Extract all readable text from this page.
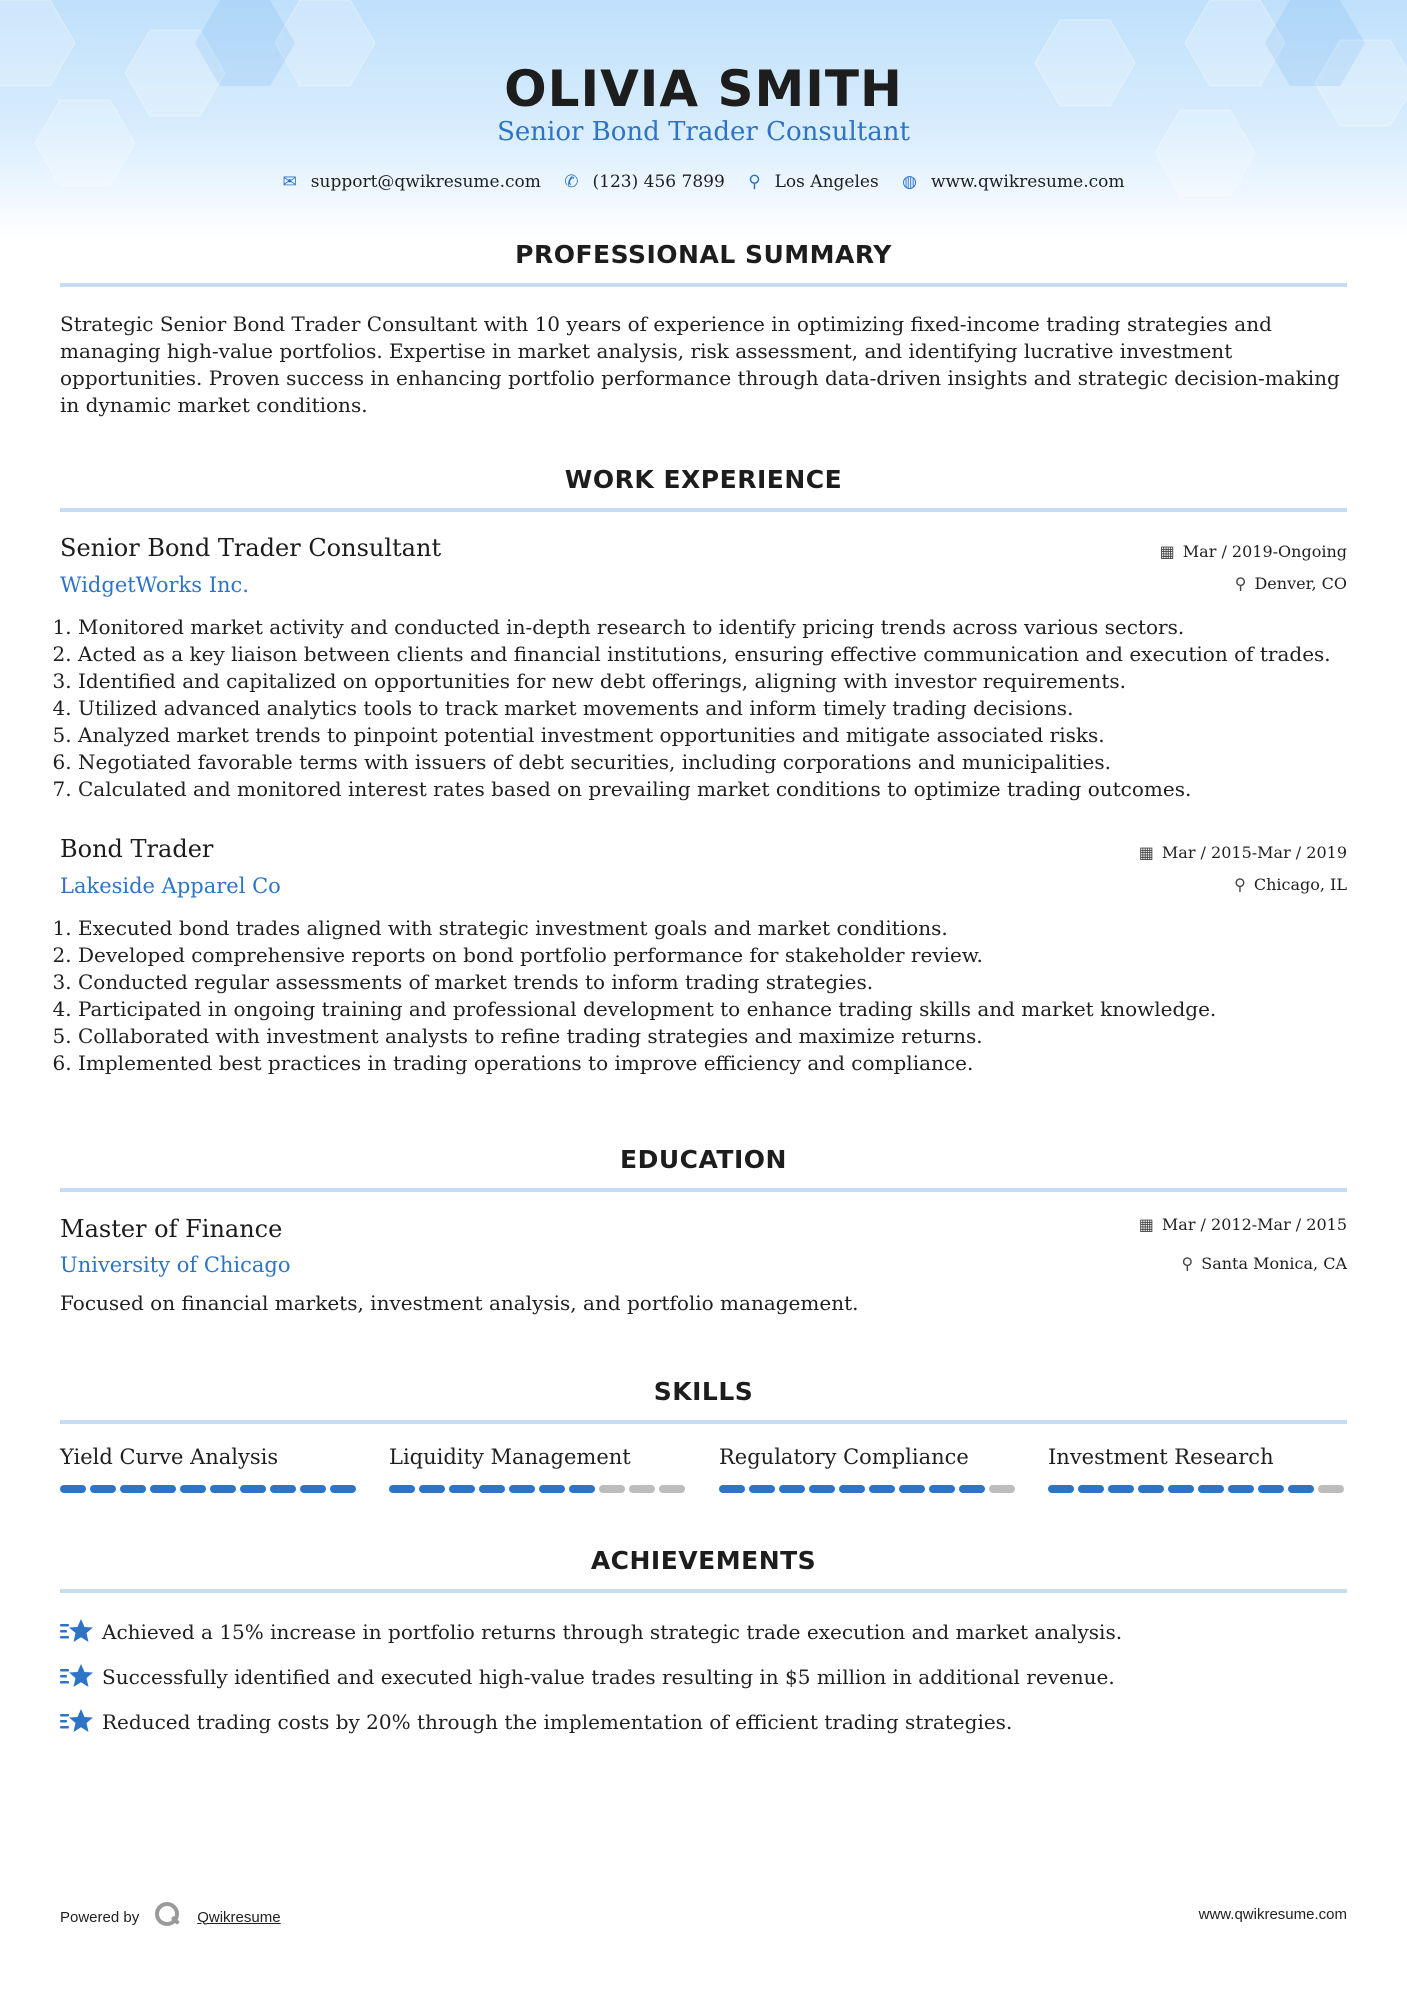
OLIVIA SMITH
Senior Bond Trader Consultant
✉ support@qwikresume.com ✆ (123) 456 7899 ⚲ Los Angeles ◍ www.qwikresume.com
PROFESSIONAL SUMMARY
Strategic Senior Bond Trader Consultant with 10 years of experience in optimizing fixed-income trading strategies and managing high-value portfolios. Expertise in market analysis, risk assessment, and identifying lucrative investment opportunities. Proven success in enhancing portfolio performance through data-driven insights and strategic decision-making in dynamic market conditions.
WORK EXPERIENCE
Senior Bond Trader Consultant
WidgetWorks Inc.
▦ Mar / 2019-Ongoing
⚲ Denver, CO
1. Monitored market activity and conducted in-depth research to identify pricing trends across various sectors.
2. Acted as a key liaison between clients and financial institutions, ensuring effective communication and execution of trades.
3. Identified and capitalized on opportunities for new debt offerings, aligning with investor requirements.
4. Utilized advanced analytics tools to track market movements and inform timely trading decisions.
5. Analyzed market trends to pinpoint potential investment opportunities and mitigate associated risks.
6. Negotiated favorable terms with issuers of debt securities, including corporations and municipalities.
7. Calculated and monitored interest rates based on prevailing market conditions to optimize trading outcomes.
Bond Trader
Lakeside Apparel Co
▦ Mar / 2015-Mar / 2019
⚲ Chicago, IL
1. Executed bond trades aligned with strategic investment goals and market conditions.
2. Developed comprehensive reports on bond portfolio performance for stakeholder review.
3. Conducted regular assessments of market trends to inform trading strategies.
4. Participated in ongoing training and professional development to enhance trading skills and market knowledge.
5. Collaborated with investment analysts to refine trading strategies and maximize returns.
6. Implemented best practices in trading operations to improve efficiency and compliance.
EDUCATION
Master of Finance
University of Chicago
▦ Mar / 2012-Mar / 2015
⚲ Santa Monica, CA
Focused on financial markets, investment analysis, and portfolio management.
SKILLS
Yield Curve Analysis	Liquidity Management	Regulatory Compliance	Investment Research
ACHIEVEMENTS
Achieved a 15% increase in portfolio returns through strategic trade execution and market analysis.
Successfully identified and executed high-value trades resulting in $5 million in additional revenue.
Reduced trading costs by 20% through the implementation of efficient trading strategies.
Powered by	Qwikresume	www.qwikresume.com
